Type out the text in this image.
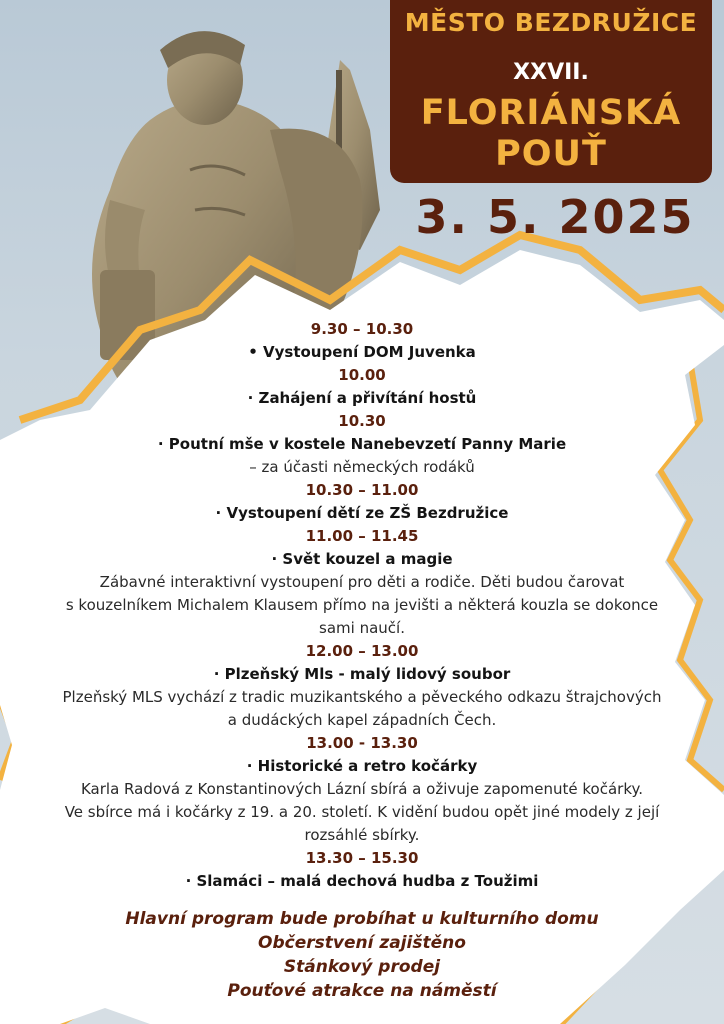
MĚSTO BEZDRUŽICE
XXVII.
FLORIÁNSKÁ
POUŤ
3. 5. 2025
9.30 – 10.30
• Vystoupení DOM Juvenka
10.00
· Zahájení a přivítání hostů
10.30
· Poutní mše v kostele Nanebevzetí Panny Marie
– za účasti německých rodáků
10.30 – 11.00
· Vystoupení dětí ze ZŠ Bezdružice
11.00 – 11.45
· Svět kouzel a magie
Zábavné interaktivní vystoupení pro děti a rodiče. Děti budou čarovat
s kouzelníkem Michalem Klausem přímo na jevišti a některá kouzla se dokonce
sami naučí.
12.00 – 13.00
· Plzeňský Mls - malý lidový soubor
Plzeňský MLS vychází z tradic muzikantského a pěveckého odkazu štrajchových
a dudáckých kapel západních Čech.
13.00 - 13.30
· Historické a retro kočárky
Karla Radová z Konstantinových Lázní sbírá a oživuje zapomenuté kočárky.
Ve sbírce má i kočárky z 19. a 20. století. K vidění budou opět jiné modely z její
rozsáhlé sbírky.
13.30 – 15.30
· Slamáci – malá dechová hudba z Toužimi
Hlavní program bude probíhat u kulturního domu
Občerstvení zajištěno
Stánkový prodej
Pouťové atrakce na náměstí
